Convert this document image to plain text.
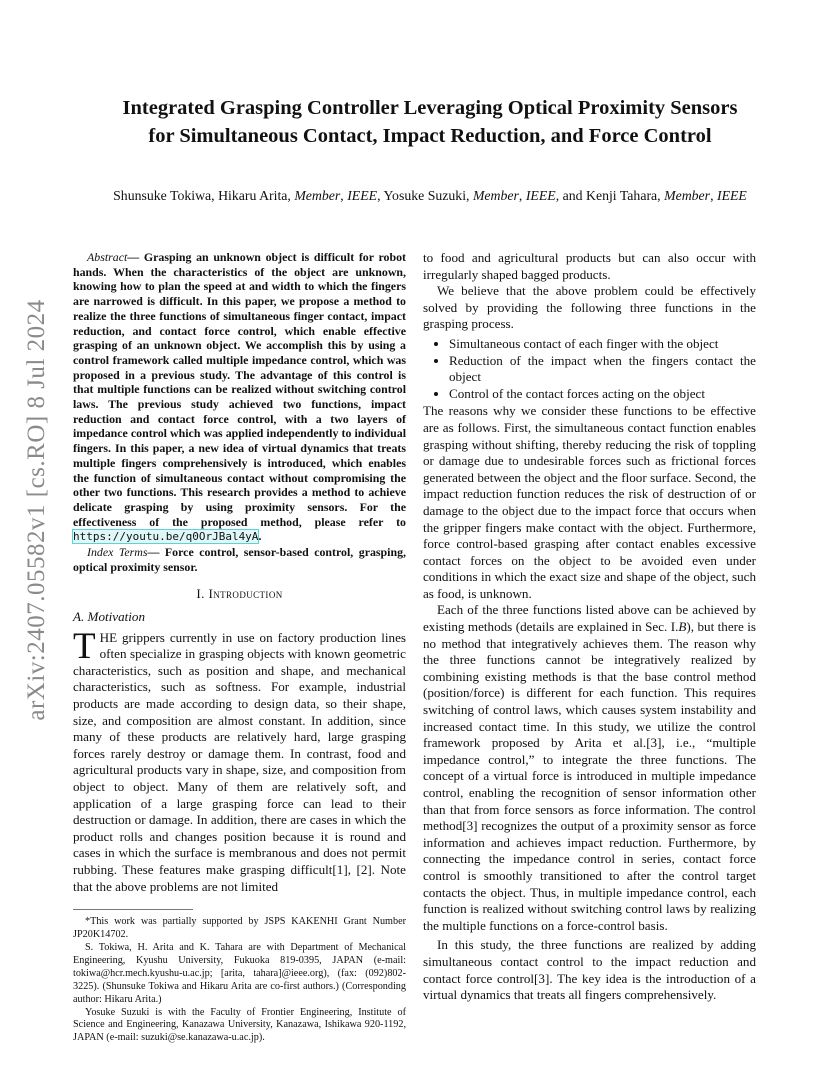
arXiv:2407.05582v1 [cs.RO] 8 Jul 2024
Integrated Grasping Controller Leveraging Optical Proximity Sensors
for Simultaneous Contact, Impact Reduction, and Force Control
Shunsuke Tokiwa, Hikaru Arita, Member, IEEE, Yosuke Suzuki, Member, IEEE, and Kenji Tahara, Member, IEEE

Abstract— Grasping an unknown object is difficult for robot hands. When the characteristics of the object are unknown, knowing how to plan the speed at and width to which the fingers are narrowed is difficult. In this paper, we propose a method to realize the three functions of simultaneous finger contact, impact reduction, and contact force control, which enable effective grasping of an unknown object. We accomplish this by using a control framework called multiple impedance control, which was proposed in a previous study. The advantage of this control is that multiple functions can be realized without switching control laws. The previous study achieved two functions, impact reduction and contact force control, with a two layers of impedance control which was applied independently to individual fingers. In this paper, a new idea of virtual dynamics that treats multiple fingers comprehensively is introduced, which enables the function of simultaneous contact without compromising the other two functions. This research provides a method to achieve delicate grasping by using proximity sensors. For the effectiveness of the proposed method, please refer to https://youtu.be/q0OrJBal4yA.

Index Terms— Force control, sensor-based control, grasping, optical proximity sensor.

I. Introduction
A. Motivation

THE grippers currently in use on factory production lines often specialize in grasping objects with known geometric characteristics, such as position and shape, and mechanical characteristics, such as softness. For example, industrial products are made according to design data, so their shape, size, and composition are almost constant. In addition, since many of these products are relatively hard, large grasping forces rarely destroy or damage them. In contrast, food and agricultural products vary in shape, size, and composition from object to object. Many of them are relatively soft, and application of a large grasping force can lead to their destruction or damage. In addition, there are cases in which the product rolls and changes position because it is round and cases in which the surface is membranous and does not permit rubbing. These features make grasping difficult[1], [2]. Note that the above problems are not limited

*This work was partially supported by JSPS KAKENHI Grant Number JP20K14702.

S. Tokiwa, H. Arita and K. Tahara are with Department of Mechanical Engineering, Kyushu University, Fukuoka 819-0395, JAPAN (e-mail: tokiwa@hcr.mech.kyushu-u.ac.jp; [arita, tahara]@ieee.org), (fax: (092)802-3225). (Shunsuke Tokiwa and Hikaru Arita are co-first authors.) (Corresponding author: Hikaru Arita.)

Yosuke Suzuki is with the Faculty of Frontier Engineering, Institute of Science and Engineering, Kanazawa University, Kanazawa, Ishikawa 920-1192, JAPAN (e-mail: suzuki@se.kanazawa-u.ac.jp).

to food and agricultural products but can also occur with irregularly shaped bagged products.

We believe that the above problem could be effectively solved by providing the following three functions in the grasping process.

• Simultaneous contact of each finger with the object
• Reduction of the impact when the fingers contact the object
• Control of the contact forces acting on the object

The reasons why we consider these functions to be effective are as follows. First, the simultaneous contact function enables grasping without shifting, thereby reducing the risk of toppling or damage due to undesirable forces such as frictional forces generated between the object and the floor surface. Second, the impact reduction function reduces the risk of destruction of or damage to the object due to the impact force that occurs when the gripper fingers make contact with the object. Furthermore, force control-based grasping after contact enables excessive contact forces on the object to be avoided even under conditions in which the exact size and shape of the object, such as food, is unknown.

Each of the three functions listed above can be achieved by existing methods (details are explained in Sec. I.B), but there is no method that integratively achieves them. The reason why the three functions cannot be integratively realized by combining existing methods is that the base control method (position/force) is different for each function. This requires switching of control laws, which causes system instability and increased contact time. In this study, we utilize the control framework proposed by Arita et al.[3], i.e., “multiple impedance control,” to integrate the three functions. The concept of a virtual force is introduced in multiple impedance control, enabling the recognition of sensor information other than that from force sensors as force information. The control method[3] recognizes the output of a proximity sensor as force information and achieves impact reduction. Furthermore, by connecting the impedance control in series, contact force control is smoothly transitioned to after the control target contacts the object. Thus, in multiple impedance control, each function is realized without switching control laws by realizing the multiple functions on a force-control basis.

In this study, the three functions are realized by adding simultaneous contact control to the impact reduction and contact force control[3]. The key idea is the introduction of a virtual dynamics that treats all fingers comprehensively.
